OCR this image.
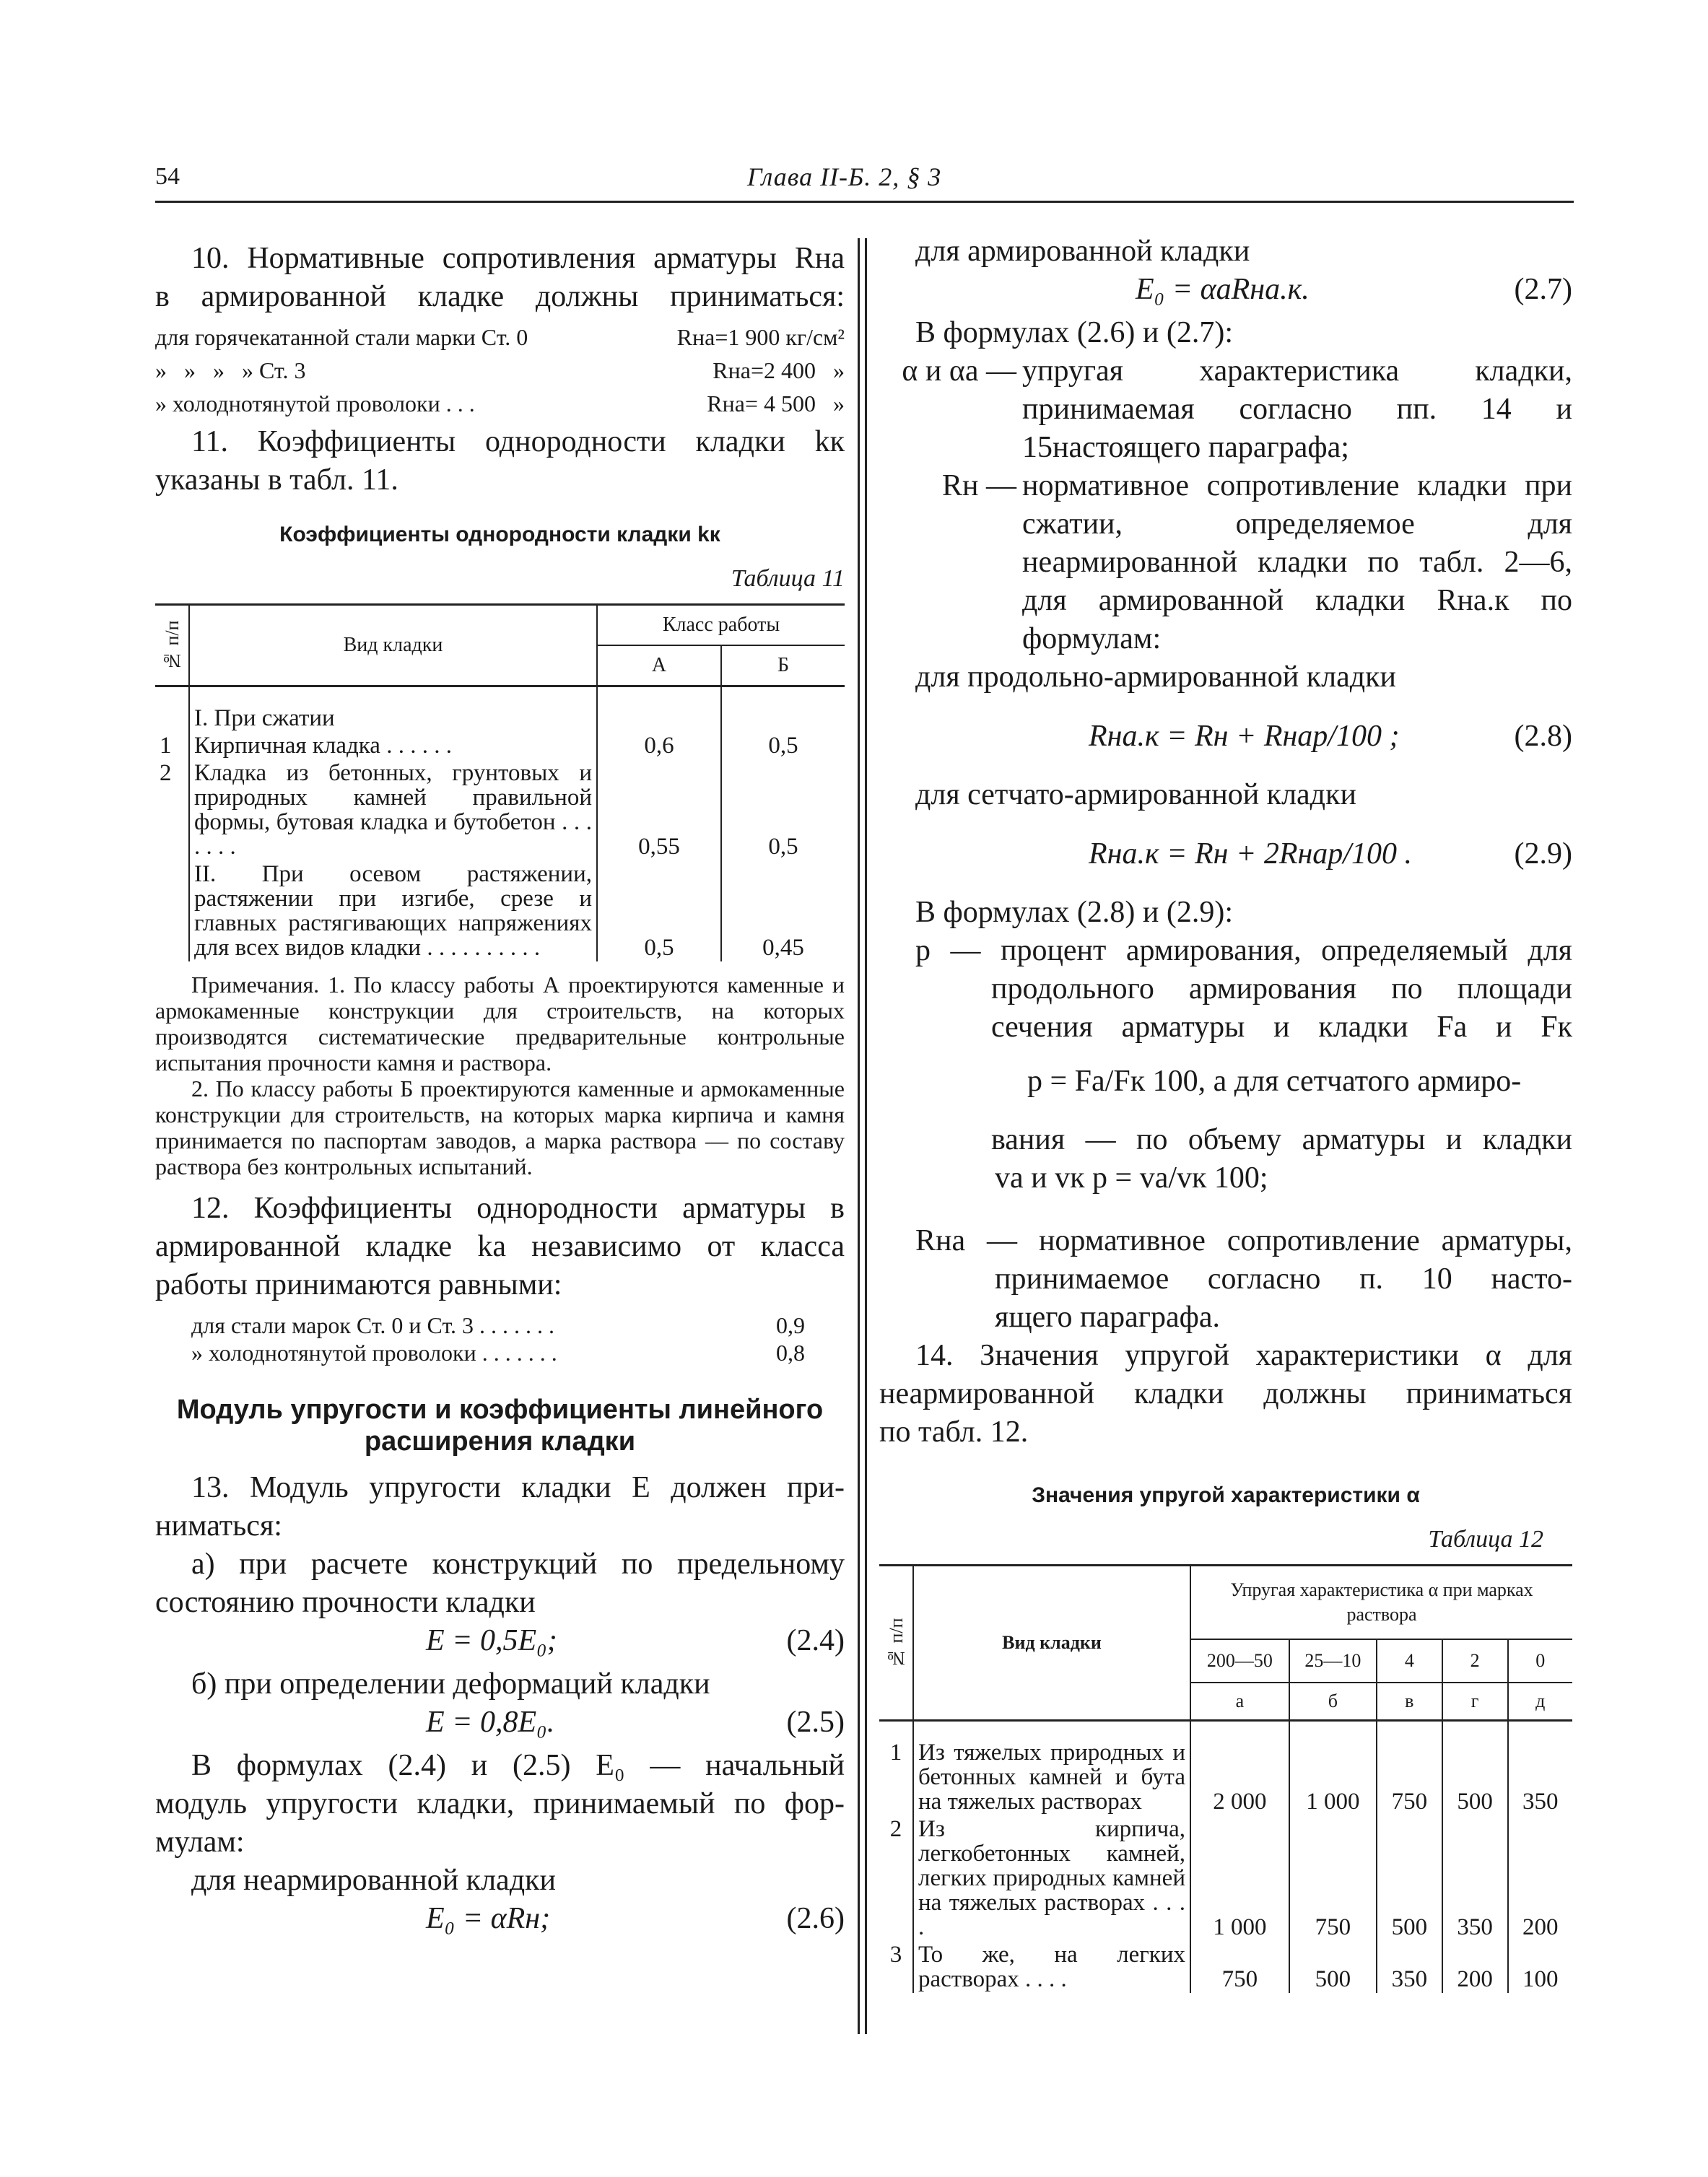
54	Глава II-Б. 2, § 3

10. Нормативные сопротивления арматуры Rна

в армированной кладке должны приниматься:

для горячекатанной стали марки Ст. 0	Rна=1 900 кг/см²
»   »   »   » Ст. 3	Rна=2 400   »
» холоднотянутой проволоки . . .	Rна= 4 500   »

11. Коэффициенты однородности кладки kк

указаны в табл. 11.

Коэффициенты однородности кладки kк
Таблица 11
№ п/п	Вид кладки	Класс работы	
		А	Б
	I. При сжатии		
1	Кирпичная кладка . . . . . .	0,6	0,5
2	Кладка из бетонных, грунтовых и природных камней правильной формы, бутовая кладка и бутобетон . . . . . . .	0,55	0,5
	II. При осевом растяжении, растяжении при изгибе, срезе и главных растягивающих напряжениях для всех видов кладки . . . . . . . . . .	0,5	0,45

Примечания. 1. По классу работы А проектируются каменные и армокаменные конструкции для строительств, на которых производятся систематические предварительные контрольные испытания прочности камня и раствора.

2. По классу работы Б проектируются каменные и армокаменные конструкции для строительств, на которых марка кирпича и камня принимается по паспортам заводов, а марка раствора — по составу раствора без контрольных испытаний.

12. Коэффициенты однородности арматуры в

армированной кладке kа независимо от класса

работы принимаются равными:

для стали марок Ст. 0 и Ст. 3 . . . . . . .	0,9
» холоднотянутой проволоки . . . . . . .	0,8
Модуль упругости и коэффициенты линейного
расширения кладки

13. Модуль упругости кладки E должен при-

ниматься:

а) при расчете конструкций по предельному

состоянию прочности кладки

E = 0,5E₀;	(2.4)

б) при определении деформаций кладки

E = 0,8E₀.	(2.5)

В формулах (2.4) и (2.5) E₀ — начальный

модуль упругости кладки, принимаемый по фор-

мулам:

для неармированной кладки

E₀ = αRн;	(2.6)

для армированной кладки

E₀ = αаRна.к.	(2.7)

В формулах (2.6) и (2.7):

α и αа — упругая характеристика кладки, принимаемая согласно пп. 14 и 15настоящего параграфа;
Rн — нормативное сопротивление кладки при сжатии, определяемое для неармированной кладки по табл. 2—6, для армированной кладки Rна.к по формулам:

для продольно-армированной кладки

Rна.к = Rн + Rнаp/100 ;	(2.8)

для сетчато-армированной кладки

Rна.к = Rн + 2Rнаp/100 .	(2.9)

В формулах (2.8) и (2.9):

p — процент армирования, определяемый для

продольного армирования по площади

сечения арматуры и кладки Fа и Fк

p = Fа/Fк 100, а для сетчатого армиро-

вания — по объему арматуры и кладки

vа и vк p = vа/vк 100;

Rна — нормативное сопротивление арматуры,

принимаемое согласно п. 10 насто-

ящего параграфа.

14. Значения упругой характеристики α для

неармированной кладки должны приниматься

по табл. 12.

Значения упругой характеристики α
Таблица 12
№ п/п	Вид кладки	Упругая характеристика α при марках раствора				
		200—50	25—10	4	2	0
		а	б	в	г	д
1	Из тяжелых природных и бетонных камней и бута на тяжелых растворах	2 000	1 000	750	500	350
2	Из кирпича, легкобетонных камней, легких природных камней на тяжелых растворах . . . .	1 000	750	500	350	200
3	То же, на легких растворах . . . .	750	500	350	200	100
